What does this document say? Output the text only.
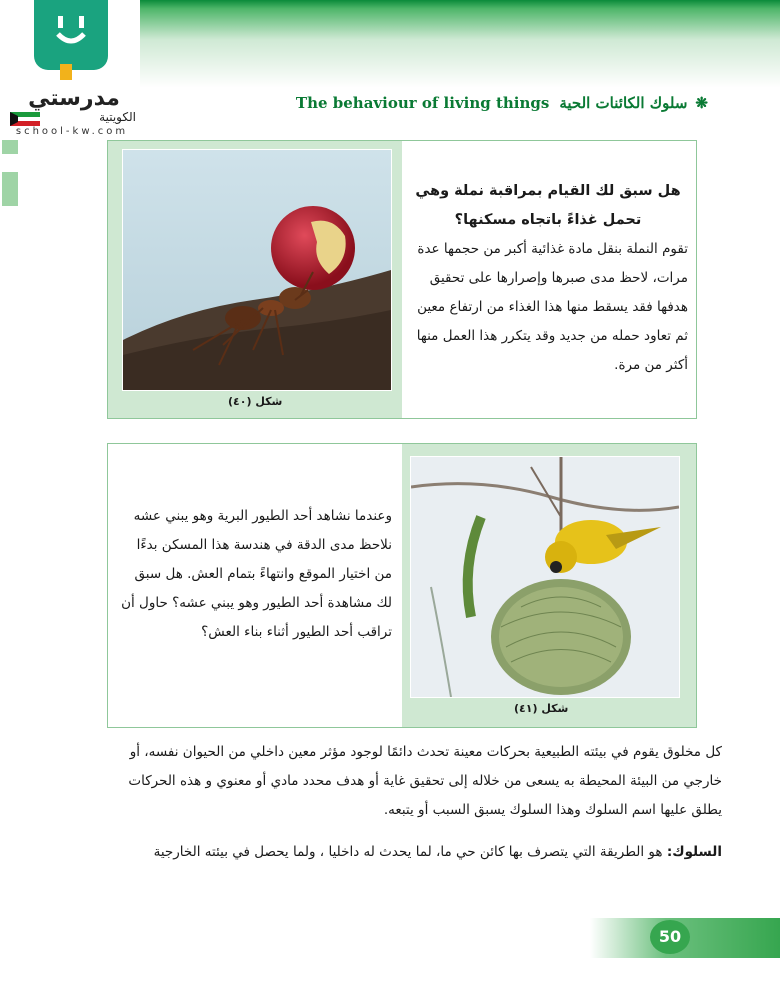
مدرستي
الكويتية
school-kw.com
❋سلوك الكائنات الحيةThe behaviour of living things
شكل (٤٠)
هل سبق لك القيام بمراقبة نملة وهي تحمل غذاءً باتجاه مسكنها؟
تقوم النملة بنقل مادة غذائية أكبر من حجمها عدة مرات، لاحظ مدى صبرها وإصرارها على تحقيق هدفها فقد يسقط منها هذا الغذاء من ارتفاع معين ثم تعاود حمله من جديد وقد يتكرر هذا العمل منها أكثر من مرة.
وعندما نشاهد أحد الطيور البرية وهو يبني عشه نلاحظ مدى الدقة في هندسة هذا المسكن بدءًا من اختيار الموقع وانتهاءً بتمام العش. هل سبق لك مشاهدة أحد الطيور وهو يبني عشه؟ حاول أن تراقب أحد الطيور أثناء بناء العش؟
شكل (٤١)
كل مخلوق يقوم في بيئته الطبيعية بحركات معينة تحدث دائمًا لوجود مؤثر معين داخلي من الحيوان نفسه، أو خارجي من البيئة المحيطة به يسعى من خلاله إلى تحقيق غاية أو هدف محدد مادي أو معنوي و هذه الحركات يطلق عليها اسم السلوك وهذا السلوك يسبق السبب أو يتبعه.
السلوك: هو الطريقة التي يتصرف بها كائن حي ما، لما يحدث له داخليا ، ولما يحصل في بيئته الخارجية
50
